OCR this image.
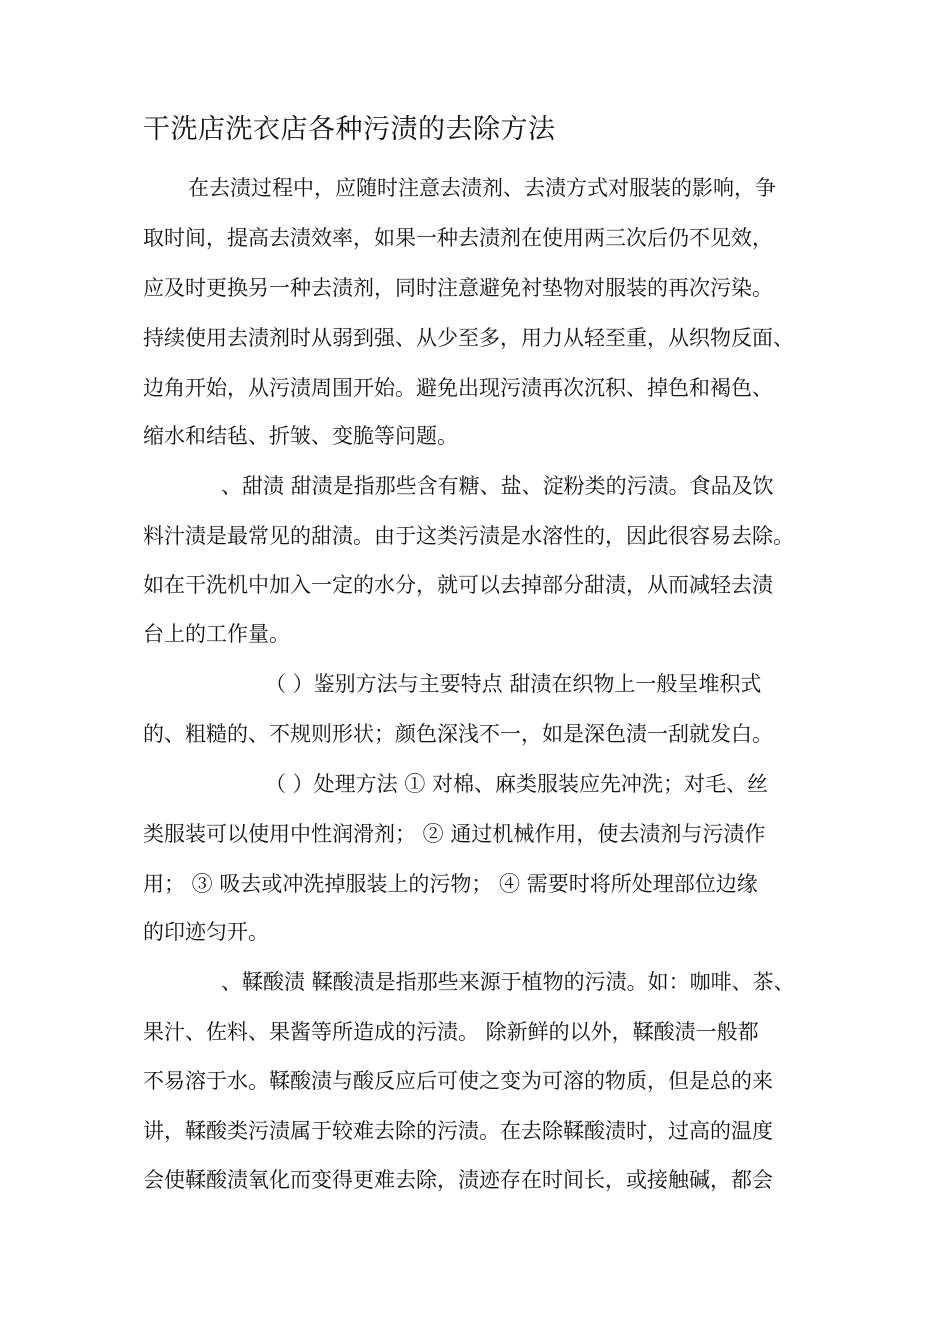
干洗店洗衣店各种污渍的去除方法
在去渍过程中，应随时注意去渍剂、去渍方式对服装的影响，争
取时间，提高去渍效率，如果一种去渍剂在使用两三次后仍不见效，
应及时更换另一种去渍剂，同时注意避免衬垫物对服装的再次污染。
持续使用去渍剂时从弱到强、从少至多，用力从轻至重，从织物反面、
边角开始，从污渍周围开始。避免出现污渍再次沉积、掉色和褐色、
缩水和结毡、折皱、变脆等问题。
、甜渍 甜渍是指那些含有糖、盐、淀粉类的污渍。食品及饮
料汁渍是最常见的甜渍。由于这类污渍是水溶性的，因此很容易去除。
如在干洗机中加入一定的水分，就可以去掉部分甜渍，从而减轻去渍
台上的工作量。
（ ）鉴别方法与主要特点 甜渍在织物上一般呈堆积式
的、粗糙的、不规则形状；颜色深浅不一，如是深色渍一刮就发白。
（ ）处理方法 ① 对棉、麻类服装应先冲洗；对毛、丝
类服装可以使用中性润滑剂； ② 通过机械作用，使去渍剂与污渍作
用； ③ 吸去或冲洗掉服装上的污物； ④ 需要时将所处理部位边缘
的印迹匀开。
、鞣酸渍 鞣酸渍是指那些来源于植物的污渍。如：咖啡、茶、
果汁、佐料、果酱等所造成的污渍。 除新鲜的以外，鞣酸渍一般都
不易溶于水。鞣酸渍与酸反应后可使之变为可溶的物质，但是总的来
讲，鞣酸类污渍属于较难去除的污渍。在去除鞣酸渍时，过高的温度
会使鞣酸渍氧化而变得更难去除，渍迹存在时间长，或接触碱，都会
